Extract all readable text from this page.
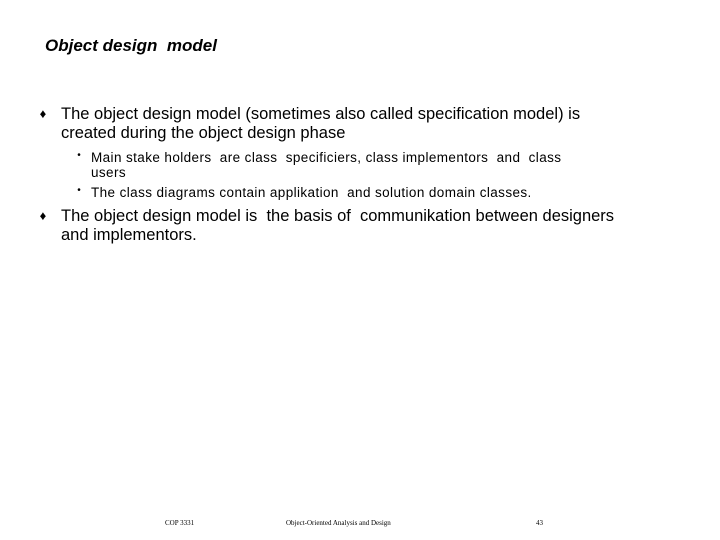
Object design  model
♦ The object design model (sometimes also called specification model) is
created during the object design phase
• Main stake holders  are class  specificiers, class implementors  and  class
users
• The class diagrams contain applikation  and solution domain classes.
♦ The object design model is  the basis of  communikation between designers
and implementors.
COP 3331	Object-Oriented Analysis and Design	43
